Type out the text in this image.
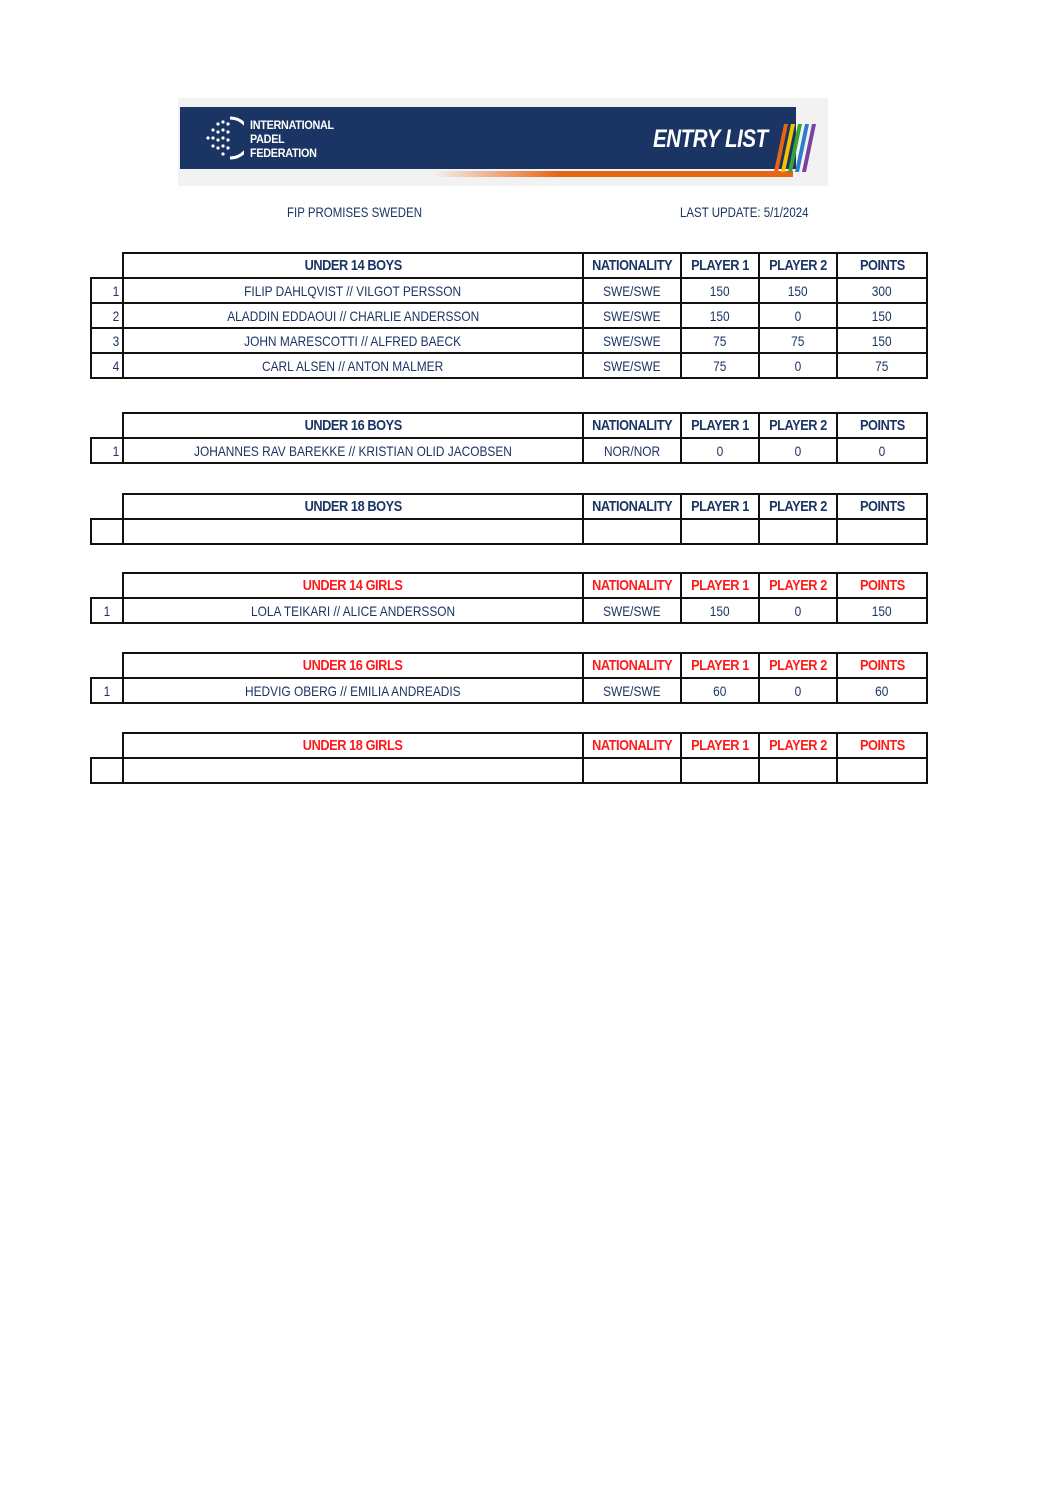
INTERNATIONAL
PADEL
FEDERATION	ENTRY LIST
FIP PROMISES SWEDEN	LAST UPDATE: 5/1/2024
	UNDER 14 BOYS	NATIONALITY	PLAYER 1	PLAYER 2	POINTS
1	FILIP DAHLQVIST // VILGOT PERSSON	SWE/SWE	150	150	300
2	ALADDIN EDDAOUI // CHARLIE ANDERSSON	SWE/SWE	150	0	150
3	JOHN MARESCOTTI // ALFRED BAECK	SWE/SWE	75	75	150
4	CARL ALSEN // ANTON MALMER	SWE/SWE	75	0	75
	UNDER 16 BOYS	NATIONALITY	PLAYER 1	PLAYER 2	POINTS
1	JOHANNES RAV BAREKKE // KRISTIAN OLID JACOBSEN	NOR/NOR	0	0	0
	UNDER 18 BOYS	NATIONALITY	PLAYER 1	PLAYER 2	POINTS

	UNDER 14 GIRLS	NATIONALITY	PLAYER 1	PLAYER 2	POINTS
1	LOLA TEIKARI // ALICE ANDERSSON	SWE/SWE	150	0	150
	UNDER 16 GIRLS	NATIONALITY	PLAYER 1	PLAYER 2	POINTS
1	HEDVIG OBERG // EMILIA ANDREADIS	SWE/SWE	60	0	60
	UNDER 18 GIRLS	NATIONALITY	PLAYER 1	PLAYER 2	POINTS
